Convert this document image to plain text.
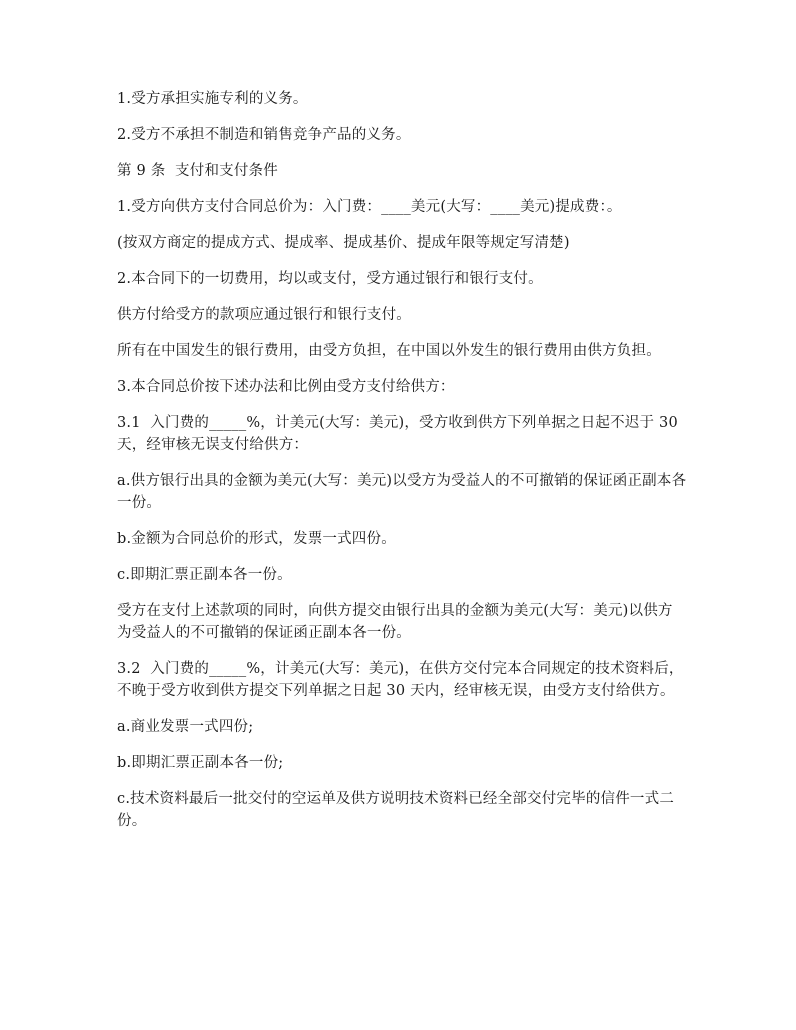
1.受方承担实施专利的义务。

2.受方不承担不制造和销售竞争产品的义务。

第 9 条  支付和支付条件

1.受方向供方支付合同总价为：入门费：____美元(大写：____美元)提成费：。

(按双方商定的提成方式、提成率、提成基价、提成年限等规定写清楚)

2.本合同下的一切费用，均以或支付，受方通过银行和银行支付。

供方付给受方的款项应通过银行和银行支付。

所有在中国发生的银行费用，由受方负担，在中国以外发生的银行费用由供方负担。

3.本合同总价按下述办法和比例由受方支付给供方：

3.1  入门费的_____%，计美元(大写：美元)，受方收到供方下列单据之日起不迟于 30 天，经审核无误支付给供方：

a.供方银行出具的金额为美元(大写：美元)以受方为受益人的不可撤销的保证函正副本各一份。

b.金额为合同总价的形式，发票一式四份。

c.即期汇票正副本各一份。

受方在支付上述款项的同时，向供方提交由银行出具的金额为美元(大写：美元)以供方为受益人的不可撤销的保证函正副本各一份。

3.2  入门费的_____%，计美元(大写：美元)，在供方交付完本合同规定的技术资料后，不晚于受方收到供方提交下列单据之日起 30 天内，经审核无误，由受方支付给供方。

a.商业发票一式四份;

b.即期汇票正副本各一份;

c.技术资料最后一批交付的空运单及供方说明技术资料已经全部交付完毕的信件一式二份。
